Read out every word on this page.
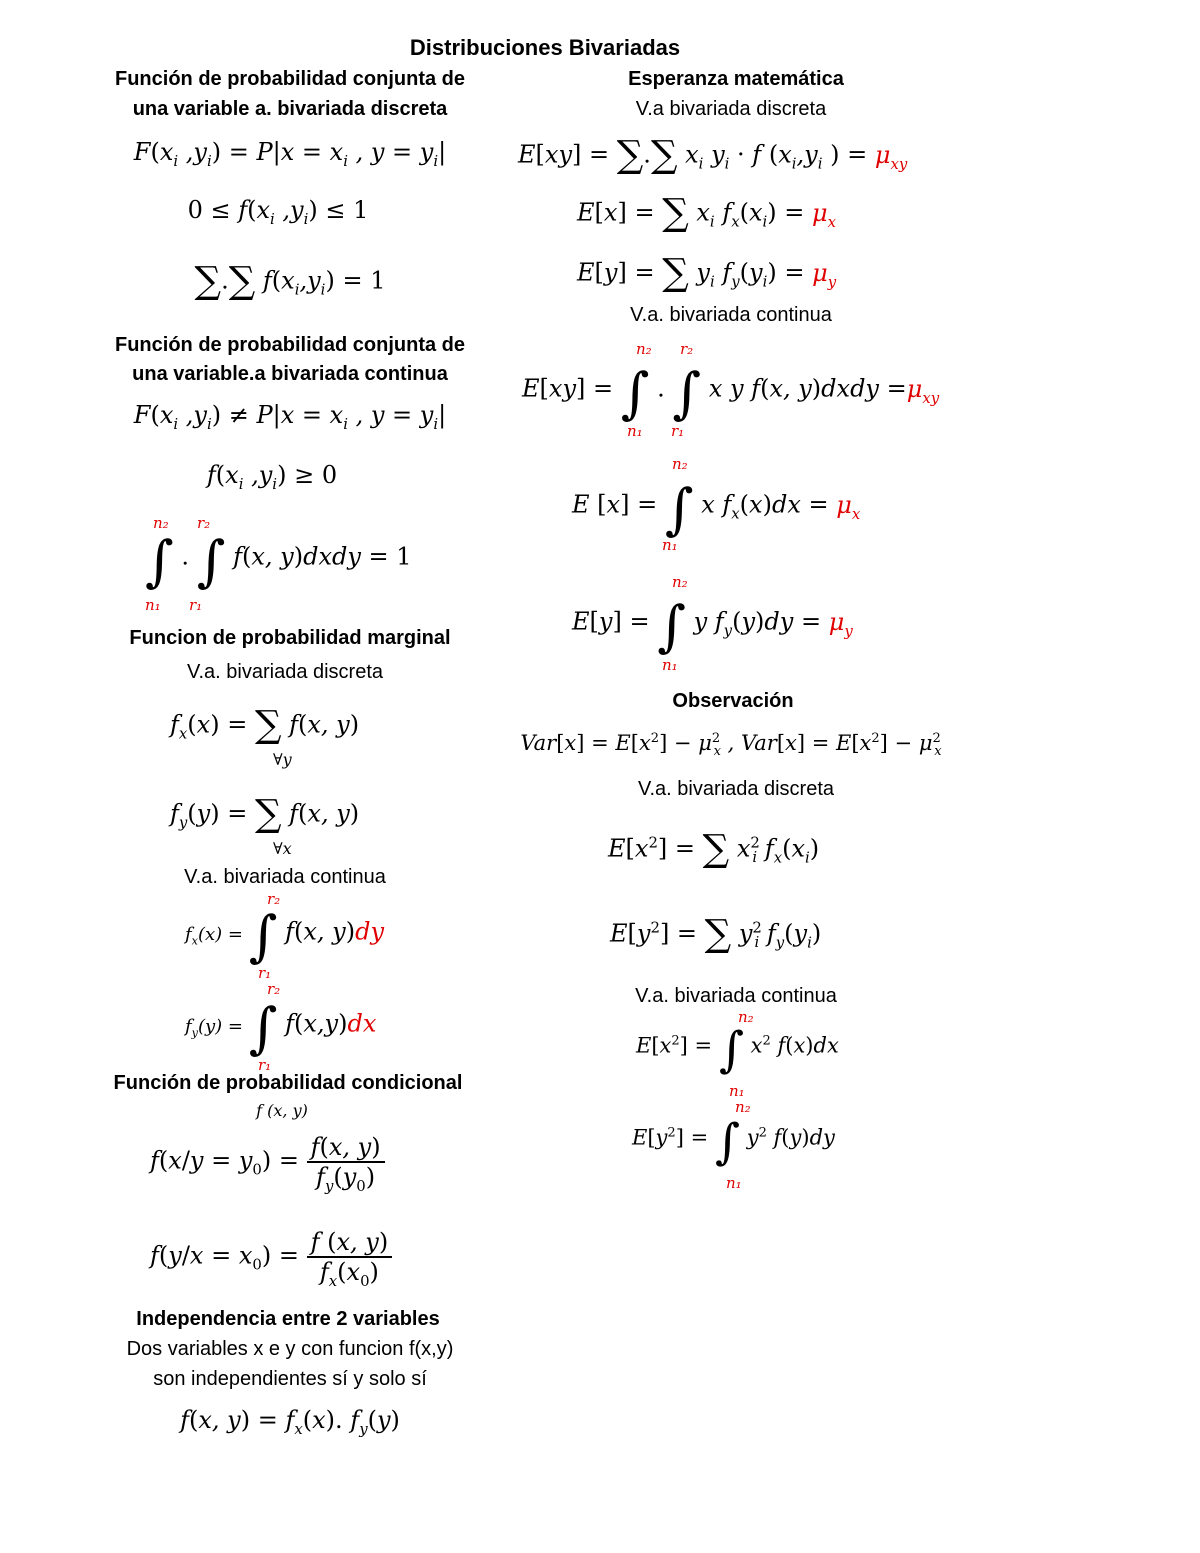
Distribuciones Bivariadas
Función de probabilidad conjunta de
una variable a. bivariada discreta
$F(x_i$ $,y_i) = P|x = x_i$ , $y = y_i|$
$0 \le f(x_i$ $,y_i) \le 1$
∑.∑ $f(x_i,y_i) = 1$
Función de probabilidad conjunta de
una variable.a bivariada continua
$F(x_i$ $,y_i) \ne P|x = x_i$ , $y = y_i|$
$f(x_i$ $,y_i) \ge 0$
∫ . ∫ f(x, y)dxdy = 1
n₂ r₂
n₁ r₁
Funcion de probabilidad marginal
V.a. bivariada discreta
$f_x(x)$ = ∑ f(x, y)
∀y
$f_y(y)$ = ∑ f(x, y)
∀x
V.a. bivariada continua
$f_x(x)$ = ∫ f(x, y)dy
r₂
r₁
$f_y(y)$ = ∫ f(x,y)dx
r₂
r₁
Función de probabilidad condicional
f (x, y)
$f(x/y = y_0) = \frac{f(x, y)}{f_y(y_0)}$
$f(y/x = x_0) = \frac{f (x, y)}{f_x(x_0)}$
Independencia entre 2 variables
Dos variables x e y con funcion f(x,y)
son independientes sí y solo sí
f(x, $y) = f_x(x)$. $f_y(y)$
Esperanza matemática
V.a bivariada discreta
E[xy] = ∑.∑ $x_i$ $y_i \cdot f$ ($x_i,y_i$ ) = $\mu_{xy}$
E[x] = ∑ $x_i$ $f_x(x_i) = \mu_x$
E[y] = ∑ $y_i$ $f_y(y_i) = \mu_y$
V.a. bivariada continua
E[xy] = ∫ . ∫ x y f(x, y)dxdy $=\mu_{xy}$
n₂ r₂
n₁ r₁
E [x] = ∫ x $f_x(x)dx = \mu_x$
n₂
n₁
E[y] = ∫ y $f_y(y)dy = \mu_y$
n₂
n₁
Observación
$Var[x] = E[x^2] - \mu^2_x$ , $Var[x] = E[x^2] - \mu^2_x$
V.a. bivariada discreta
$E[x^2]$ = ∑ $x^2_i$ $f_x(x_i)$
$E[y^2]$ = ∑ $y^2_i$ $f_y(y_i)$
V.a. bivariada continua
$E[x^2]$ = ∫ $x^2$ f(x)dx
n₂
n₁
$E[y^2]$ = ∫ $y^2$ f(y)dy
n₂
n₁
